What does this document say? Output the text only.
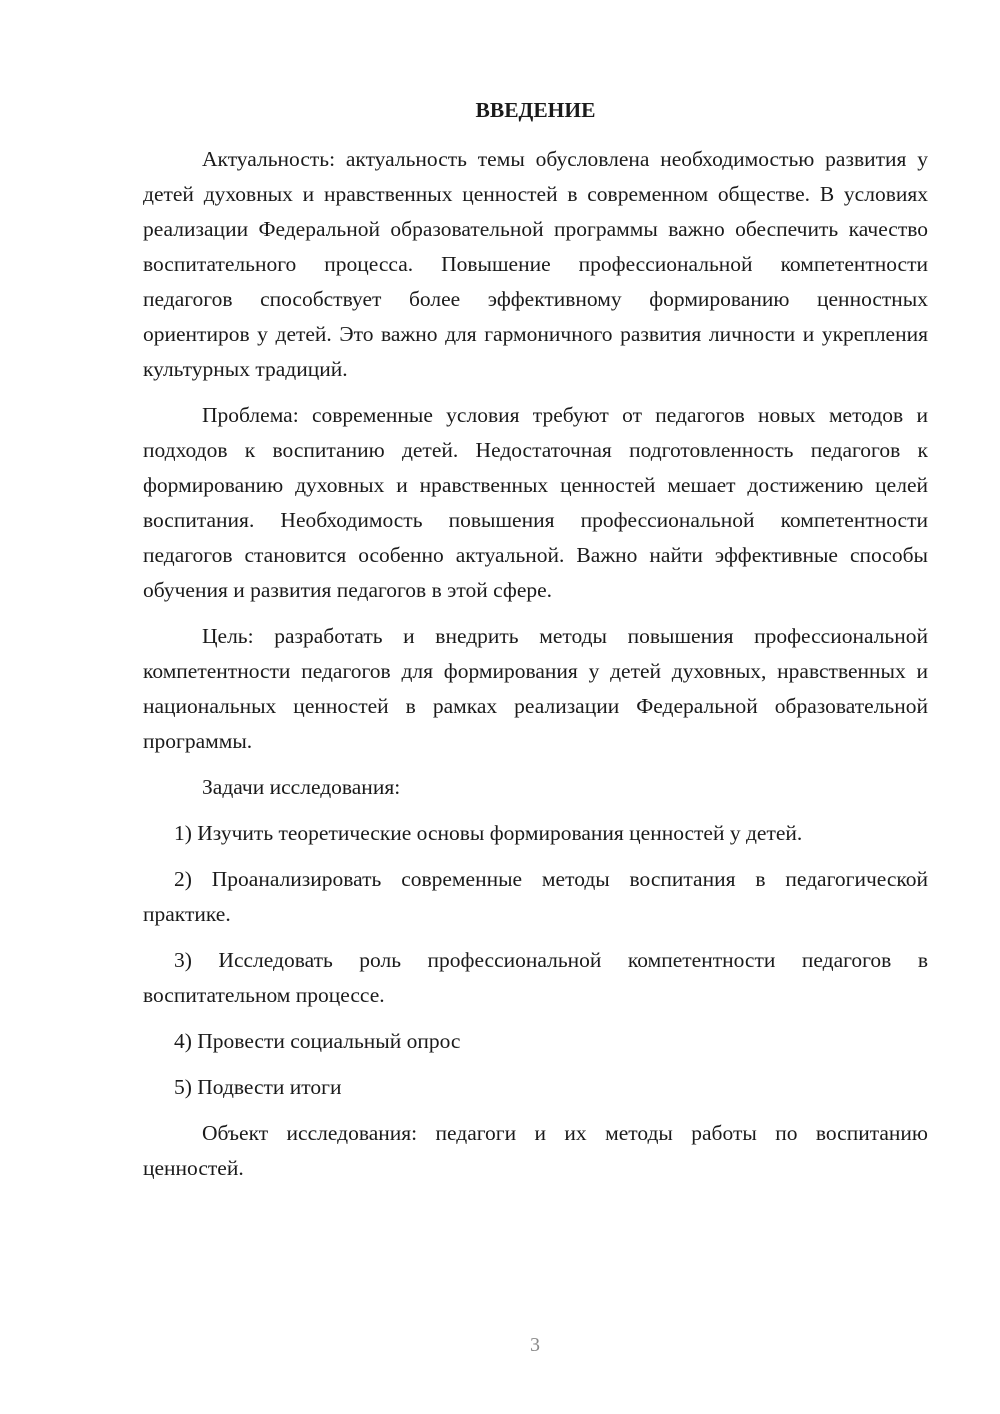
ВВЕДЕНИЕ

Актуальность: актуальность темы обусловлена необходимостью развития у детей духовных и нравственных ценностей в современном обществе. В условиях реализации Федеральной образовательной программы важно обеспечить качество воспитательного процесса. Повышение профессиональной компетентности педагогов способствует более эффективному формированию ценностных ориентиров у детей. Это важно для гармоничного развития личности и укрепления культурных традиций.

Проблема: современные условия требуют от педагогов новых методов и подходов к воспитанию детей. Недостаточная подготовленность педагогов к формированию духовных и нравственных ценностей мешает достижению целей воспитания. Необходимость повышения профессиональной компетентности педагогов становится особенно актуальной. Важно найти эффективные способы обучения и развития педагогов в этой сфере.

Цель: разработать и внедрить методы повышения профессиональной компетентности педагогов для формирования у детей духовных, нравственных и национальных ценностей в рамках реализации Федеральной образовательной программы.

Задачи исследования:

1) Изучить теоретические основы формирования ценностей у детей.

2) Проанализировать современные методы воспитания в педагогической практике.

3) Исследовать роль профессиональной компетентности педагогов в воспитательном процессе.

4) Провести социальный опрос

5) Подвести итоги

Объект исследования: педагоги и их методы работы по воспитанию ценностей.

3
